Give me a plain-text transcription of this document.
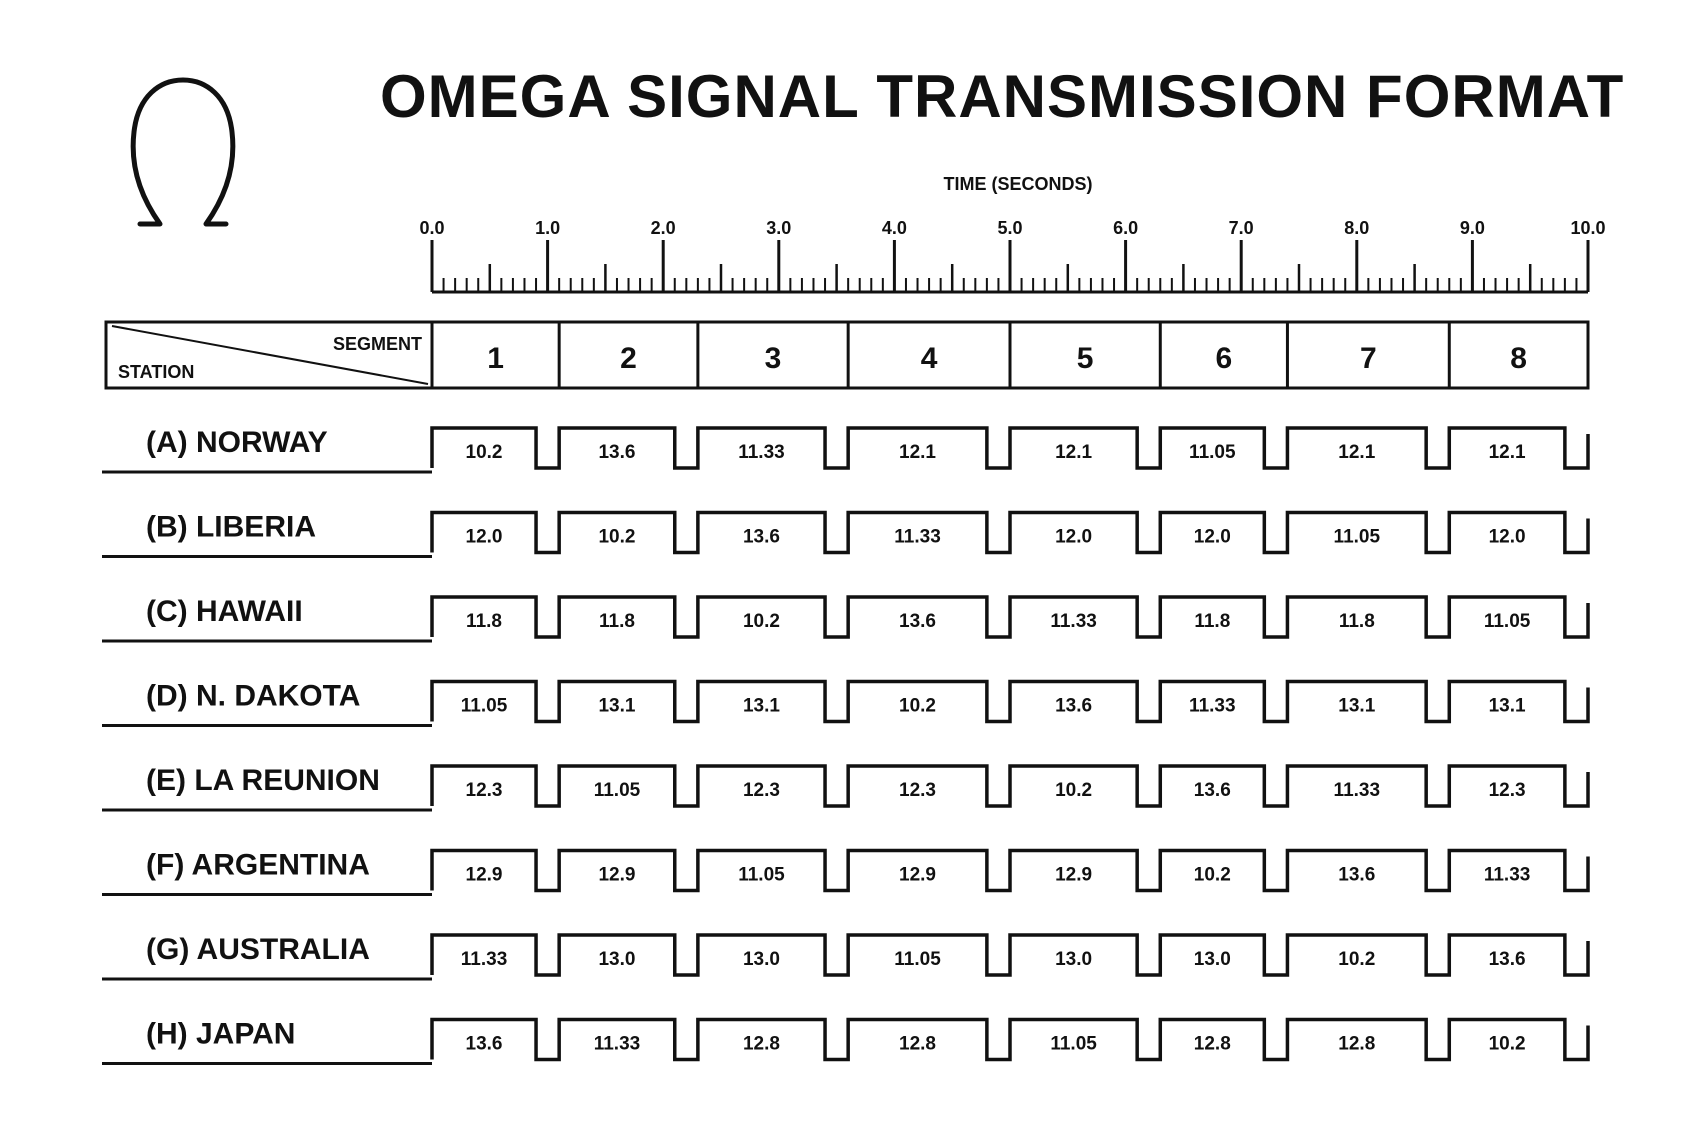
OMEGA SIGNAL TRANSMISSION FORMAT
TIME (SECONDS)
0.0	1.0	2.0	3.0	4.0	5.0	6.0	7.0	8.0	9.0	10.0
SEGMENT
STATION	1	2	3	4	5	6	7	8
(A) NORWAY	10.2	13.6	11.33	12.1	12.1	11.05	12.1	12.1
(B) LIBERIA	12.0	10.2	13.6	11.33	12.0	12.0	11.05	12.0
(C) HAWAII	11.8	11.8	10.2	13.6	11.33	11.8	11.8	11.05
(D) N. DAKOTA	11.05	13.1	13.1	10.2	13.6	11.33	13.1	13.1
(E) LA REUNION	12.3	11.05	12.3	12.3	10.2	13.6	11.33	12.3
(F) ARGENTINA	12.9	12.9	11.05	12.9	12.9	10.2	13.6	11.33
(G) AUSTRALIA	11.33	13.0	13.0	11.05	13.0	13.0	10.2	13.6
(H) JAPAN	13.6	11.33	12.8	12.8	11.05	12.8	12.8	10.2
